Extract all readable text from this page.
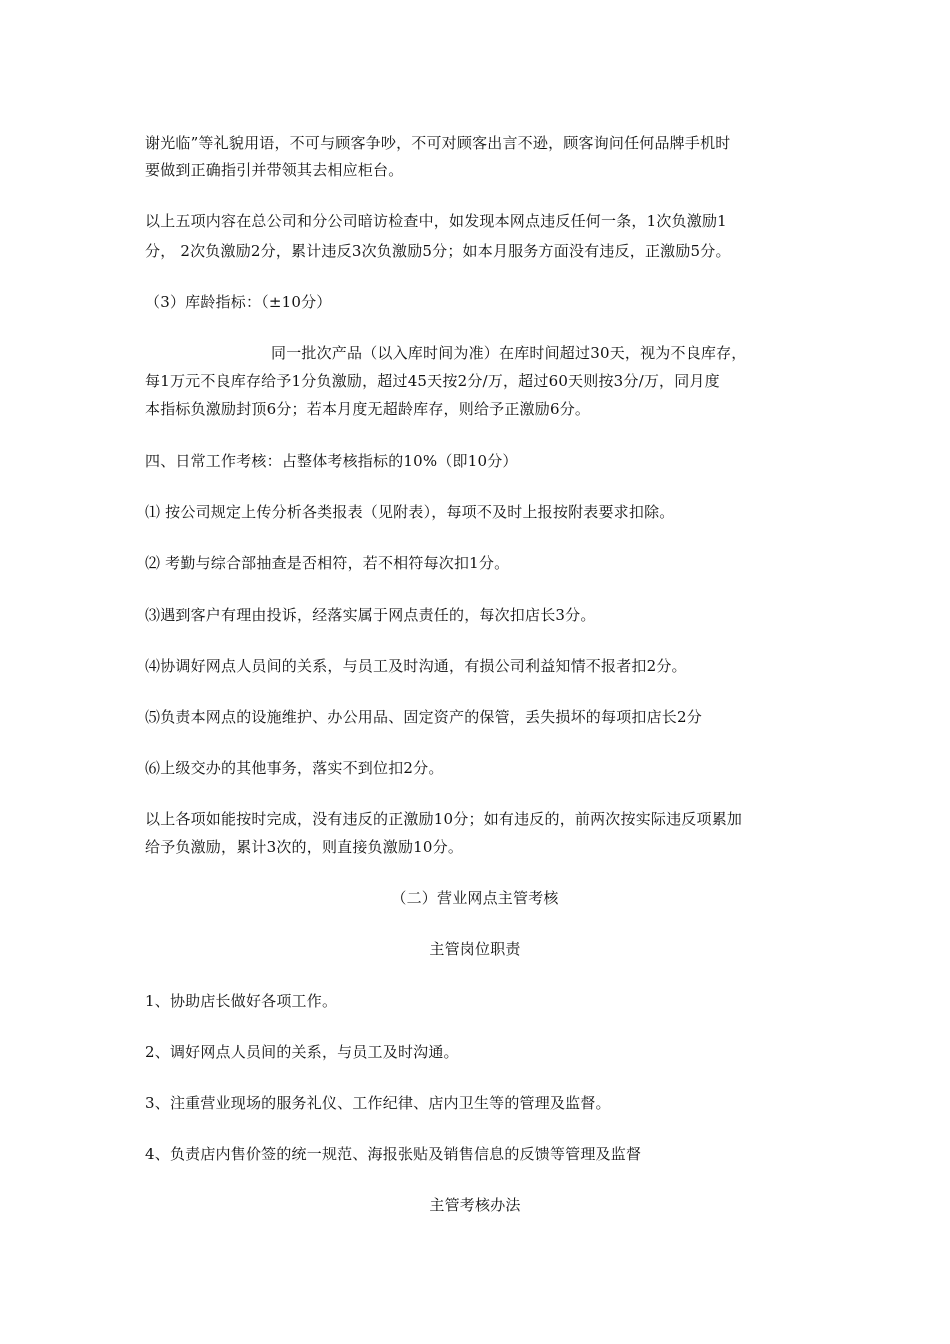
谢光临”等礼貌用语，不可与顾客争吵，不可对顾客出言不逊，顾客询问任何品牌手机时
要做到正确指引并带领其去相应柜台。
以上五项内容在总公司和分公司暗访检查中，如发现本网点违反任何一条，1次负激励1
分， 2次负激励2分，累计违反3次负激励5分；如本月服务方面没有违反，正激励5分。
（3）库龄指标：（±10分）
同一批次产品（以入库时间为准）在库时间超过30天，视为不良库存，
每1万元不良库存给予1分负激励，超过45天按2分/万，超过60天则按3分/万，同月度
本指标负激励封顶6分；若本月度无超龄库存，则给予正激励6分。
四、日常工作考核：占整体考核指标的10%（即10分）
⑴ 按公司规定上传分析各类报表（见附表），每项不及时上报按附表要求扣除。
⑵ 考勤与综合部抽查是否相符，若不相符每次扣1分。
⑶遇到客户有理由投诉，经落实属于网点责任的，每次扣店长3分。
⑷协调好网点人员间的关系，与员工及时沟通，有损公司利益知情不报者扣2分。
⑸负责本网点的设施维护、办公用品、固定资产的保管，丢失损坏的每项扣店长2分
⑹上级交办的其他事务，落实不到位扣2分。
以上各项如能按时完成，没有违反的正激励10分；如有违反的，前两次按实际违反项累加
给予负激励，累计3次的，则直接负激励10分。
（二）营业网点主管考核
主管岗位职责
1、协助店长做好各项工作。
2、调好网点人员间的关系，与员工及时沟通。
3、注重营业现场的服务礼仪、工作纪律、店内卫生等的管理及监督。
4、负责店内售价签的统一规范、海报张贴及销售信息的反馈等管理及监督
主管考核办法
